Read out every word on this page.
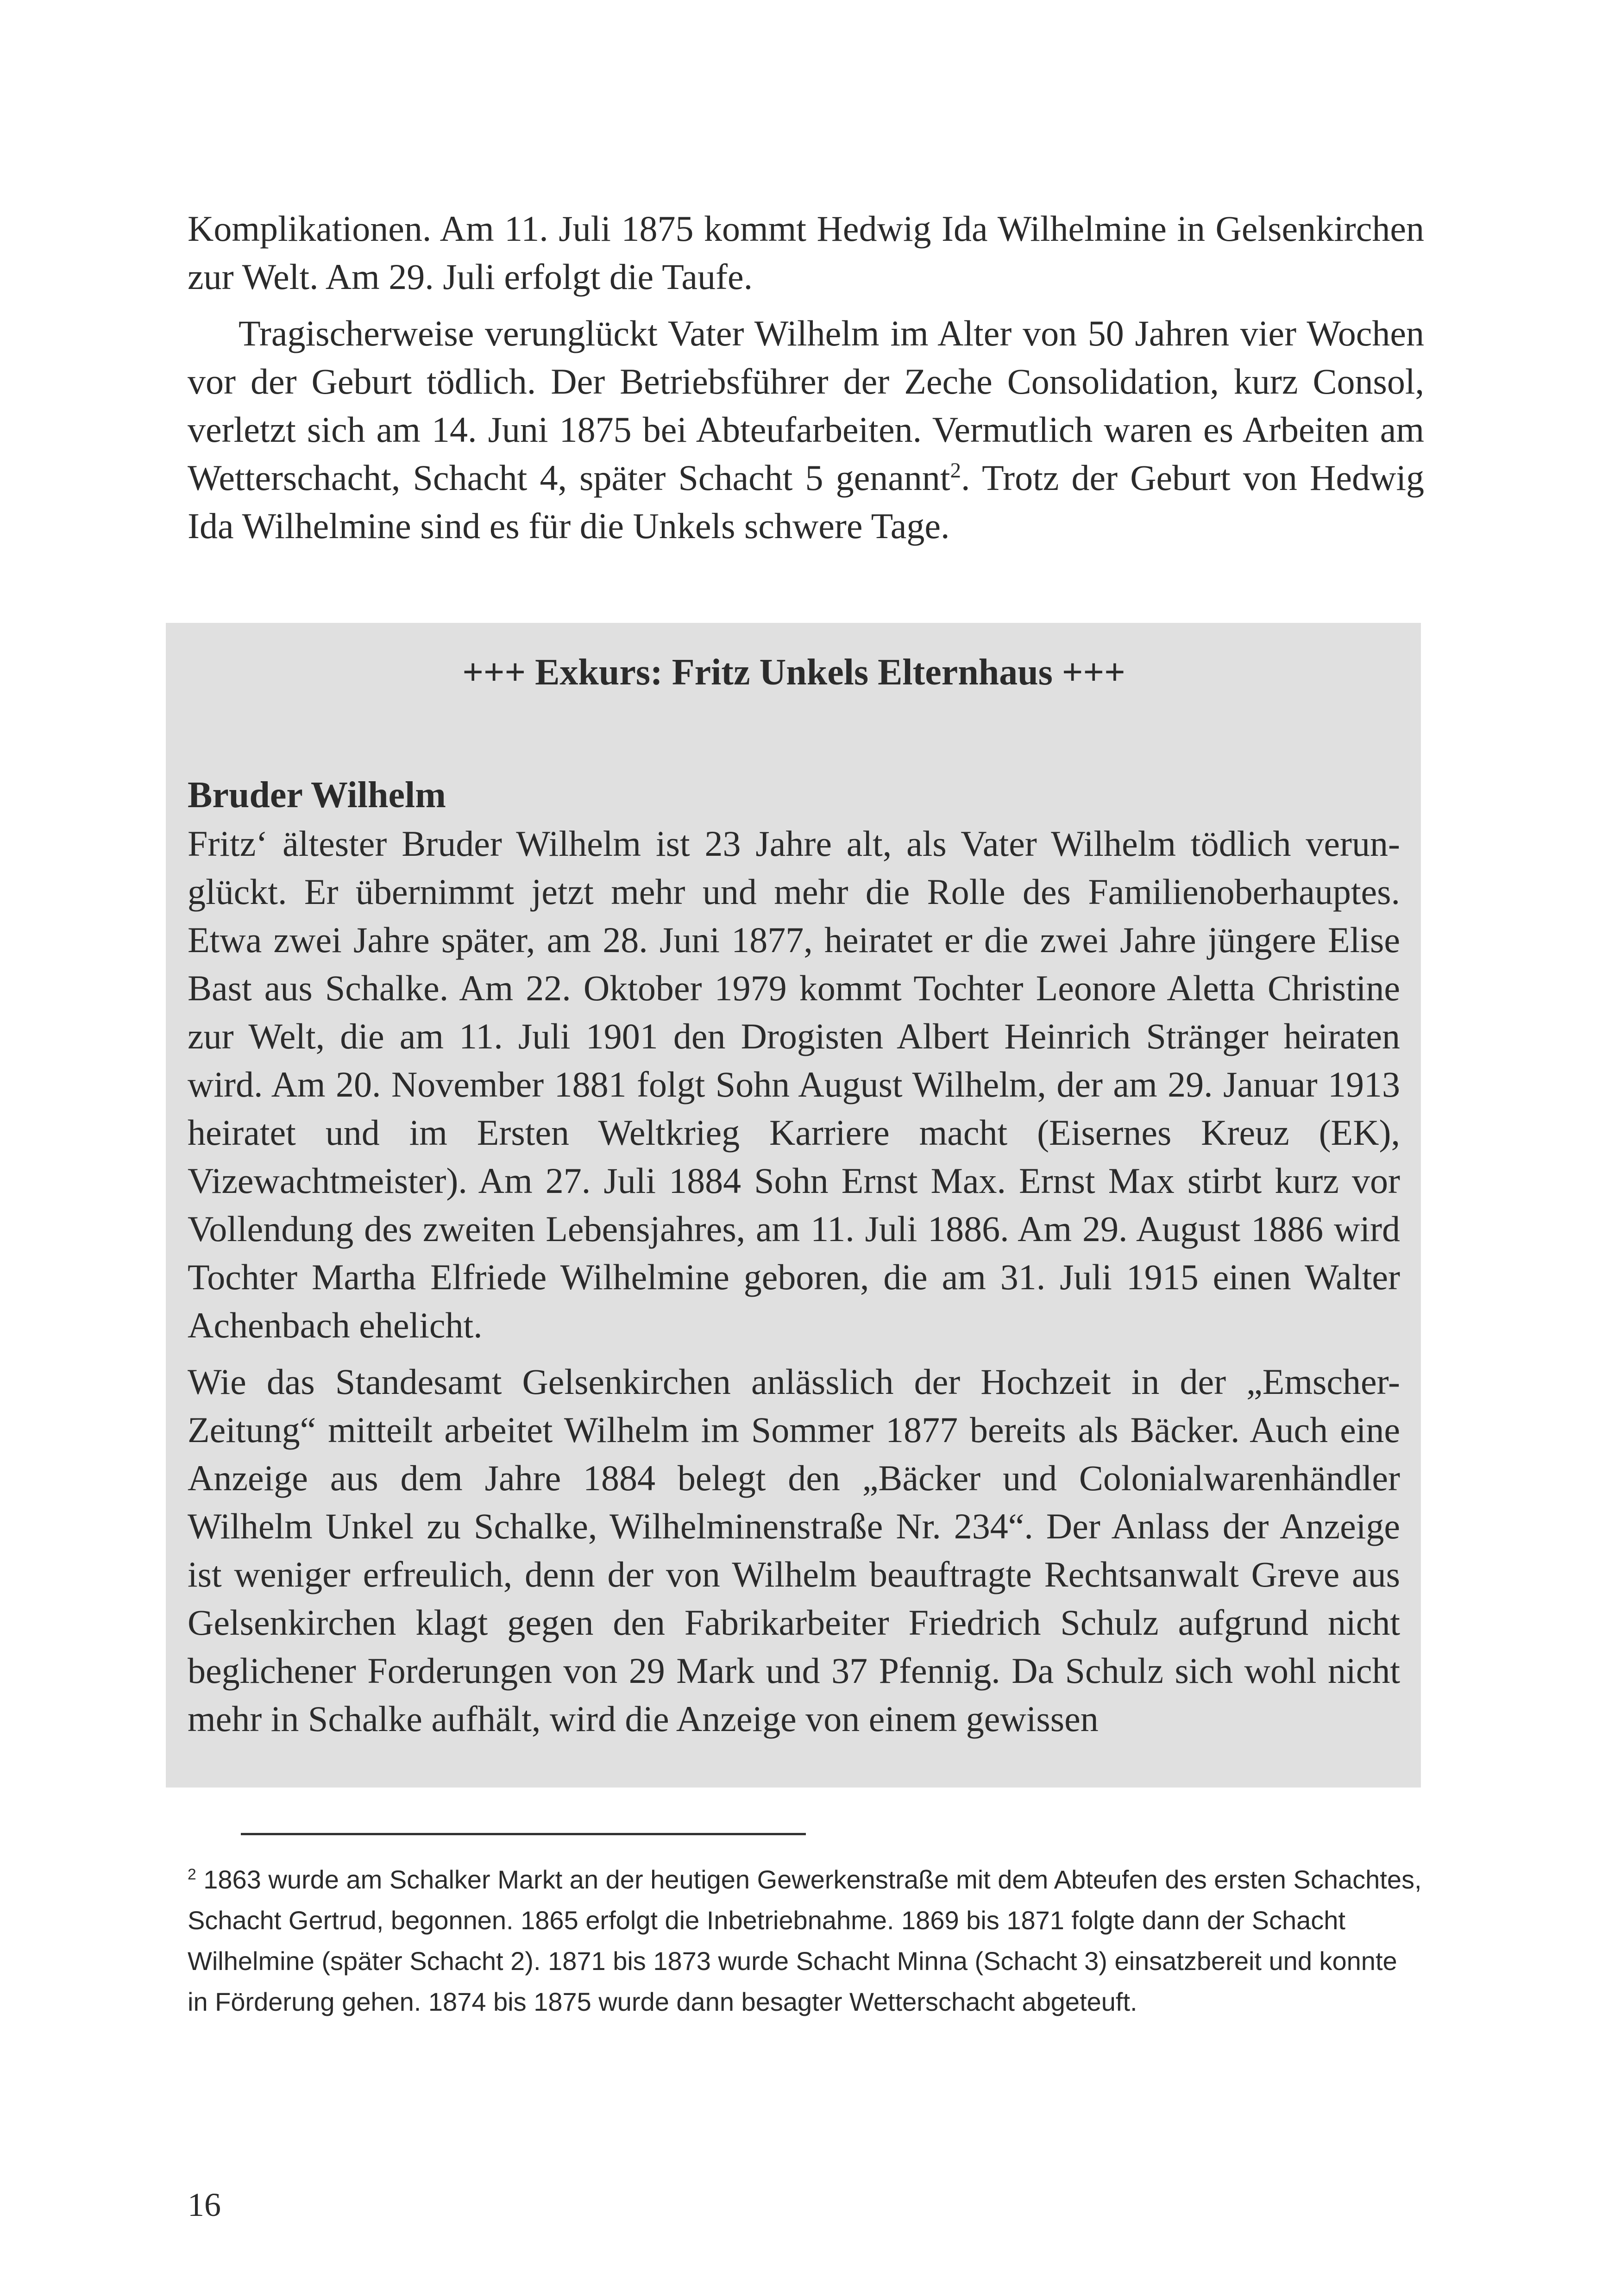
Komplikationen. Am 11. Juli 1875 kommt Hedwig Ida Wilhelmine in Gelsenkirchen zur Welt. Am 29. Juli erfolgt die Taufe.

Tragischerweise verunglückt Vater Wilhelm im Alter von 50 Jahren vier Wochen vor der Geburt tödlich. Der Betriebsführer der Zeche Consolidation, kurz Consol, verletzt sich am 14. Juni 1875 bei Abteufarbeiten. Vermutlich waren es Arbeiten am Wetterschacht, Schacht 4, später Schacht 5 genannt$^2$. Trotz der Geburt von Hedwig Ida Wilhelmine sind es für die Unkels schwere Tage.

+++ Exkurs: Fritz Unkels Elternhaus +++
Bruder Wilhelm

Fritz‘ ältester Bruder Wilhelm ist 23 Jahre alt, als Vater Wilhelm tödlich verunglückt. Er übernimmt jetzt mehr und mehr die Rolle des Familienoberhauptes. Etwa zwei Jahre später, am 28. Juni 1877, heiratet er die zwei Jahre jüngere Elise Bast aus Schalke. Am 22. Oktober 1979 kommt Tochter Leonore Aletta Christine zur Welt, die am 11. Juli 1901 den Drogisten Albert Heinrich Stränger heiraten wird. Am 20. November 1881 folgt Sohn August Wilhelm, der am 29. Januar 1913 heiratet und im Ersten Weltkrieg Karriere macht (Eisernes Kreuz (EK), Vizewachtmeister). Am 27. Juli 1884 Sohn Ernst Max. Ernst Max stirbt kurz vor Vollendung des zweiten Lebensjahres, am 11. Juli 1886. Am 29. August 1886 wird Tochter Martha Elfriede Wilhelmine geboren, die am 31. Juli 1915 einen Walter Achenbach ehelicht.

Wie das Standesamt Gelsenkirchen anlässlich der Hochzeit in der „Emscher-Zeitung“ mitteilt arbeitet Wilhelm im Sommer 1877 bereits als Bäcker. Auch eine Anzeige aus dem Jahre 1884 belegt den „Bäcker und Colonialwarenhändler Wilhelm Unkel zu Schalke, Wilhelminenstraße Nr. 234“. Der Anlass der Anzeige ist weniger erfreulich, denn der von Wilhelm beauftragte Rechtsanwalt Greve aus Gelsenkirchen klagt gegen den Fabrikarbeiter Friedrich Schulz aufgrund nicht beglichener Forderungen von 29 Mark und 37 Pfennig. Da Schulz sich wohl nicht mehr in Schalke aufhält, wird die Anzeige von einem gewissen

$^2$ 1863 wurde am Schalker Markt an der heutigen Gewerkenstraße mit dem Abteufen des ersten Schachtes, Schacht Gertrud, begonnen. 1865 erfolgt die Inbetriebnahme. 1869 bis 1871 folgte dann der Schacht Wilhelmine (später Schacht 2). 1871 bis 1873 wurde Schacht Minna (Schacht 3) einsatzbereit und konnte in Förderung gehen. 1874 bis 1875 wurde dann besagter Wetterschacht abgeteuft.
16
